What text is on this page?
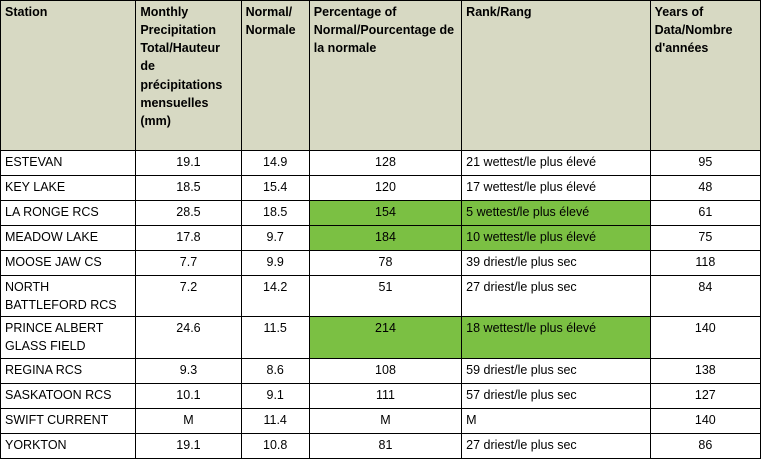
Station	Monthly Precipitation Total/Hauteur de précipitations mensuelles (mm)	Normal/ Normale	Percentage of Normal/Pourcentage de la normale	Rank/Rang	Years of Data/Nombre d'années
ESTEVAN	19.1	14.9	128	21 wettest/le plus élevé	95
KEY LAKE	18.5	15.4	120	17 wettest/le plus élevé	48
LA RONGE RCS	28.5	18.5	154	5 wettest/le plus élevé	61
MEADOW LAKE	17.8	9.7	184	10 wettest/le plus élevé	75
MOOSE JAW CS	7.7	9.9	78	39 driest/le plus sec	118
NORTH BATTLEFORD RCS	7.2	14.2	51	27 driest/le plus sec	84
PRINCE ALBERT GLASS FIELD	24.6	11.5	214	18 wettest/le plus élevé	140
REGINA RCS	9.3	8.6	108	59 driest/le plus sec	138
SASKATOON RCS	10.1	9.1	111	57 driest/le plus sec	127
SWIFT CURRENT	M	11.4	M	M	140
YORKTON	19.1	10.8	81	27 driest/le plus sec	86
